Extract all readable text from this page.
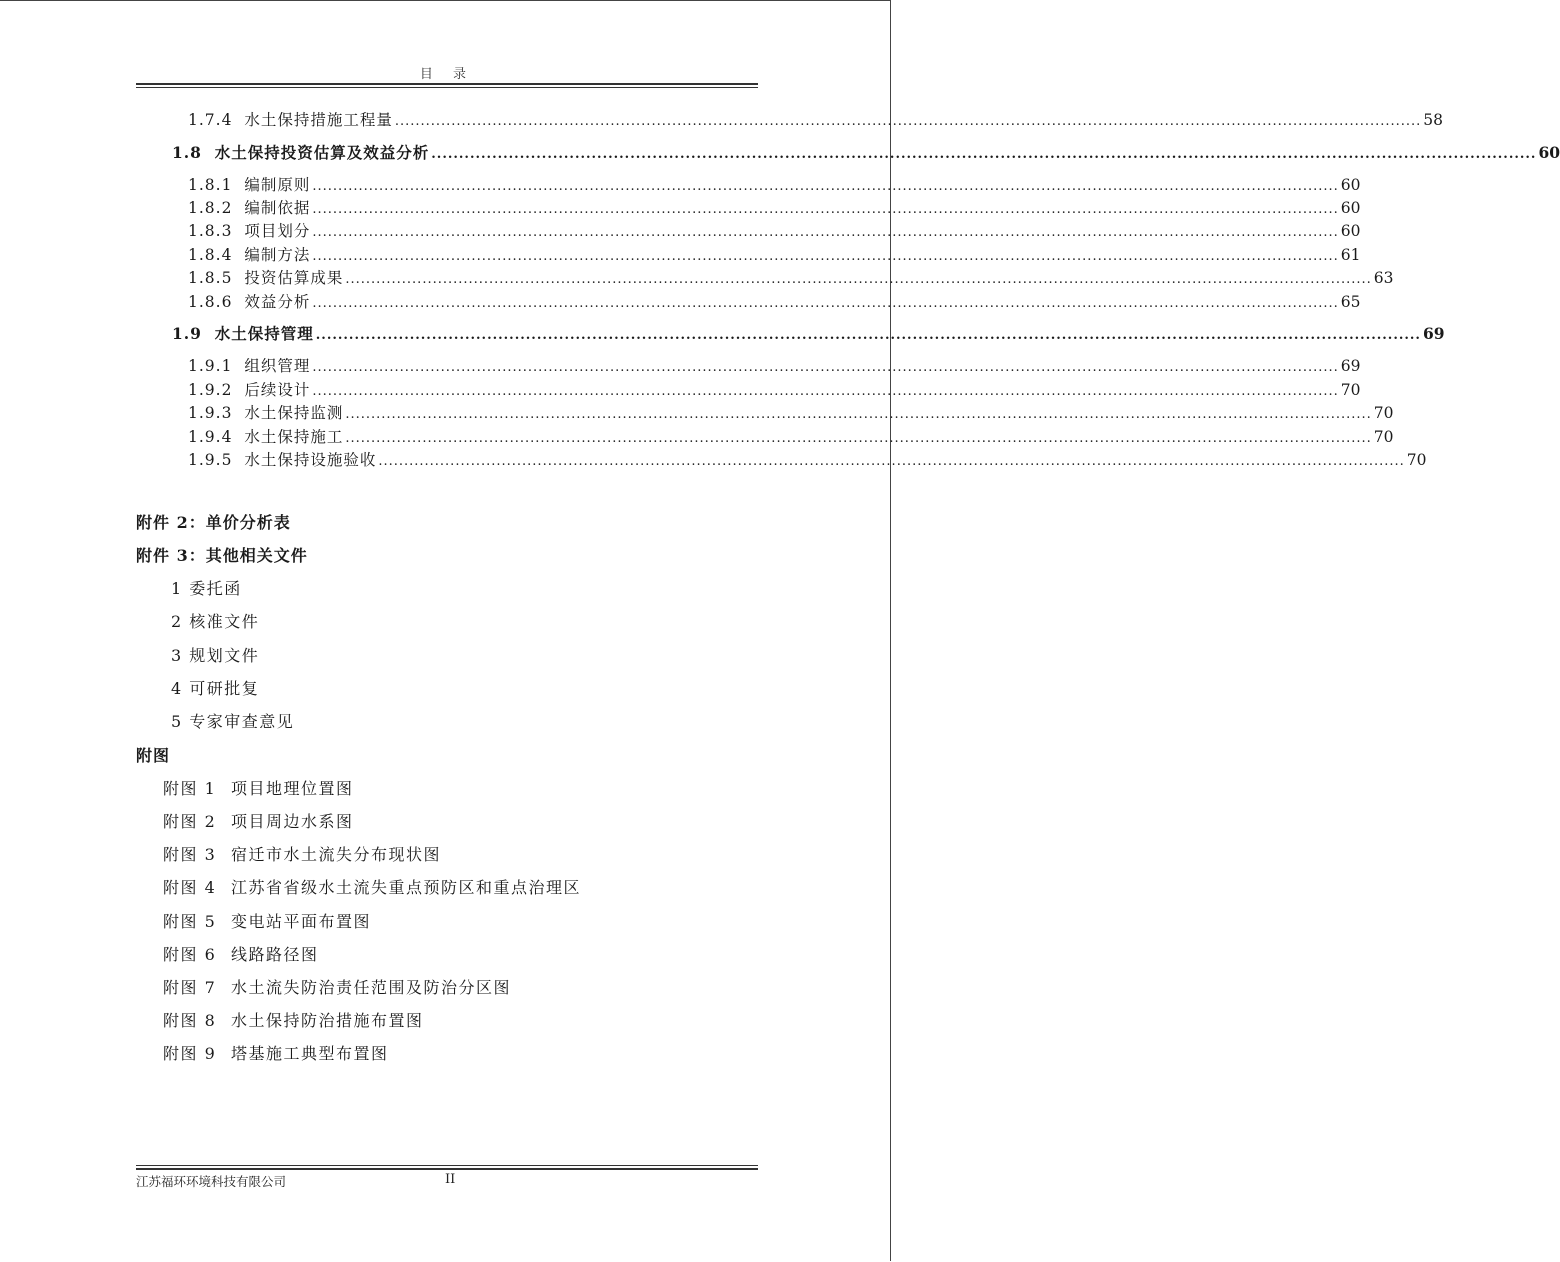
目 录
1.7.4 水土保持措施工程量 ........................................................................................................................................................................................................ 58
1.8 水土保持投资估算及效益分析 ........................................................................................................................................................................................................ 60
1.8.1 编制原则 ........................................................................................................................................................................................................ 60
1.8.2 编制依据 ........................................................................................................................................................................................................ 60
1.8.3 项目划分 ........................................................................................................................................................................................................ 60
1.8.4 编制方法 ........................................................................................................................................................................................................ 61
1.8.5 投资估算成果 ........................................................................................................................................................................................................ 63
1.8.6 效益分析 ........................................................................................................................................................................................................ 65
1.9 水土保持管理 ........................................................................................................................................................................................................ 69
1.9.1 组织管理 ........................................................................................................................................................................................................ 69
1.9.2 后续设计 ........................................................................................................................................................................................................ 70
1.9.3 水土保持监测 ........................................................................................................................................................................................................ 70
1.9.4 水土保持施工 ........................................................................................................................................................................................................ 70
1.9.5 水土保持设施验收 ........................................................................................................................................................................................................ 70
附件 2：单价分析表
附件 3：其他相关文件
1 委托函
2 核准文件
3 规划文件
4 可研批复
5 专家审查意见
附图
附图 1 项目地理位置图
附图 2 项目周边水系图
附图 3 宿迁市水土流失分布现状图
附图 4 江苏省省级水土流失重点预防区和重点治理区
附图 5 变电站平面布置图
附图 6 线路路径图
附图 7 水土流失防治责任范围及防治分区图
附图 8 水土保持防治措施布置图
附图 9 塔基施工典型布置图
江苏福环环境科技有限公司	II
